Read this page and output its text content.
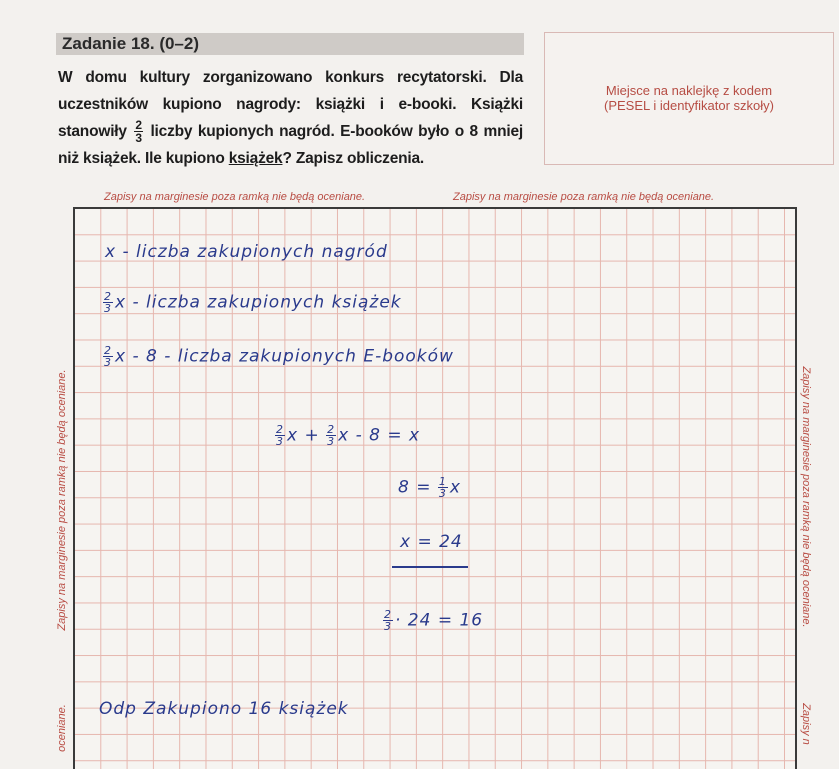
Zadanie 18. (0–2)
W domu kultury zorganizowano konkurs recytatorski. Dla uczestników kupiono nagrody: książki i e-booki. Książki stanowiły $\frac{2}{3}$ liczby kupionych nagród. E-booków było o 8 mniej niż książek. Ile kupiono książek? Zapisz obliczenia.
Miejsce na naklejkę z kodem
(PESEL i identyfikator szkoły)
Zapisy na marginesie poza ramką nie będą oceniane.	Zapisy na marginesie poza ramką nie będą oceniane.
Zapisy na marginesie poza ramką nie będą oceniane.	Zapisy na marginesie poza ramką nie będą oceniane.
oceniane.	Zapisy n
x - liczba zakupionych nagród
$\frac{2}{3}$ x - liczba zakupionych książek
$\frac{2}{3}$ x - 8 - liczba zakupionych E-booków
$\frac{2}{3}$ $x + \frac{2}{3}$ x - 8 = x
$8 = \frac{1}{3}$ x
x = 24
$\frac{2}{3} \cdot 24 = 16$
Odp Zakupiono 16 książek
